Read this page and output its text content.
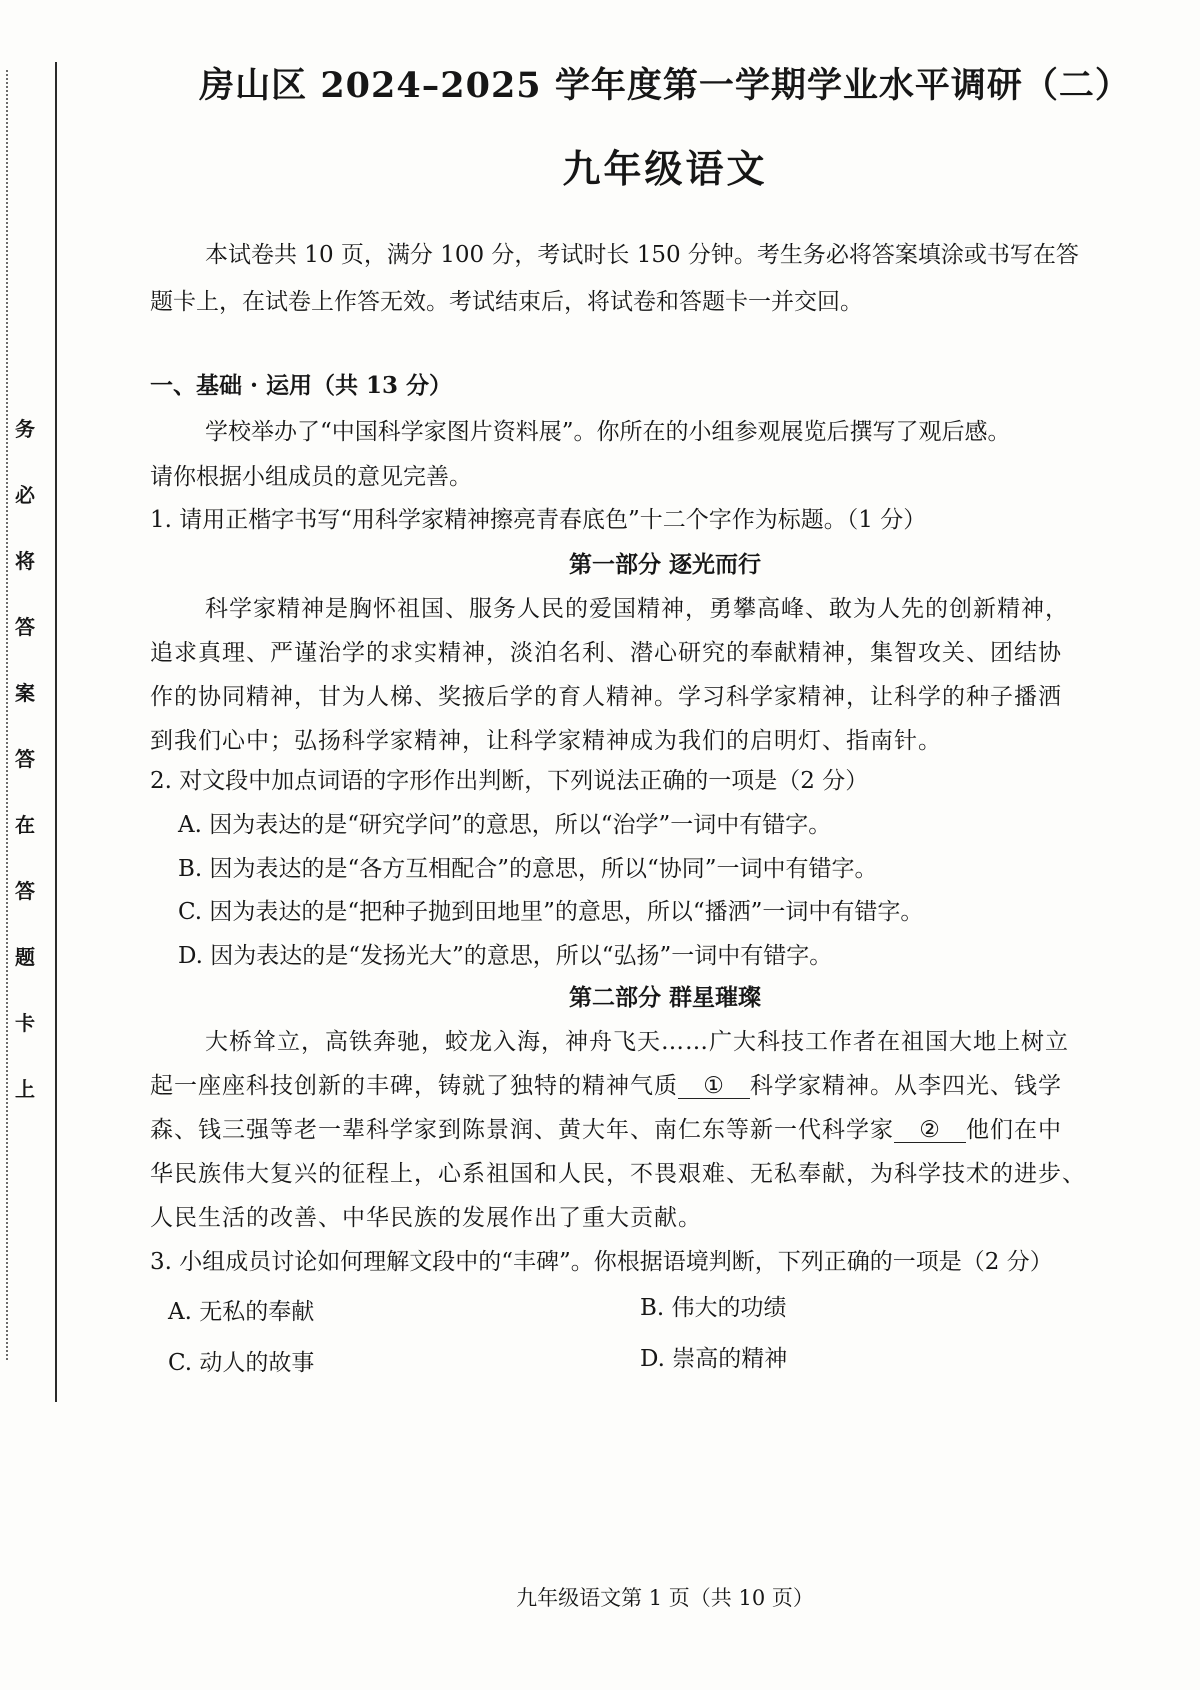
务
必
将
答
案
答
在
答
题
卡
上
房山区 2024–2025 学年度第一学期学业水平调研（二）
九年级语文
本试卷共 10 页，满分 100 分，考试时长 150 分钟。考生务必将答案填涂或书写在答
题卡上，在试卷上作答无效。考试结束后，将试卷和答题卡一并交回。
一、基础 · 运用（共 13 分）
学校举办了“中国科学家图片资料展”。你所在的小组参观展览后撰写了观后感。
请你根据小组成员的意见完善。
1. 请用正楷字书写“用科学家精神擦亮青春底色”十二个字作为标题。（1 分）
第一部分 逐光而行
科学家精神是胸怀祖国、服务人民的爱国精神，勇攀高峰、敢为人先的创新精神，
追求真理、严谨治学的求实精神，淡泊名利、潜心研究的奉献精神，集智攻关、团结协
作的协同精神，甘为人梯、奖掖后学的育人精神。学习科学家精神，让科学的种子播洒
到我们心中；弘扬科学家精神，让科学家精神成为我们的启明灯、指南针。
2. 对文段中加点词语的字形作出判断，下列说法正确的一项是（2 分）
A. 因为表达的是“研究学问”的意思，所以“治学”一词中有错字。
B. 因为表达的是“各方互相配合”的意思，所以“协同”一词中有错字。
C. 因为表达的是“把种子抛到田地里”的意思，所以“播洒”一词中有错字。
D. 因为表达的是“发扬光大”的意思，所以“弘扬”一词中有错字。
第二部分 群星璀璨
大桥耸立，高铁奔驰，蛟龙入海，神舟飞天……广大科技工作者在祖国大地上树立
起一座座科技创新的丰碑，铸就了独特的精神气质 ① 科学家精神。从李四光、钱学
森、钱三强等老一辈科学家到陈景润、黄大年、南仁东等新一代科学家 ② 他们在中
华民族伟大复兴的征程上，心系祖国和人民，不畏艰难、无私奉献，为科学技术的进步、
人民生活的改善、中华民族的发展作出了重大贡献。
3. 小组成员讨论如何理解文段中的“丰碑”。你根据语境判断，下列正确的一项是（2 分）
A. 无私的奉献	B. 伟大的功绩
C. 动人的故事	D. 崇高的精神
九年级语文第 1 页（共 10 页）
